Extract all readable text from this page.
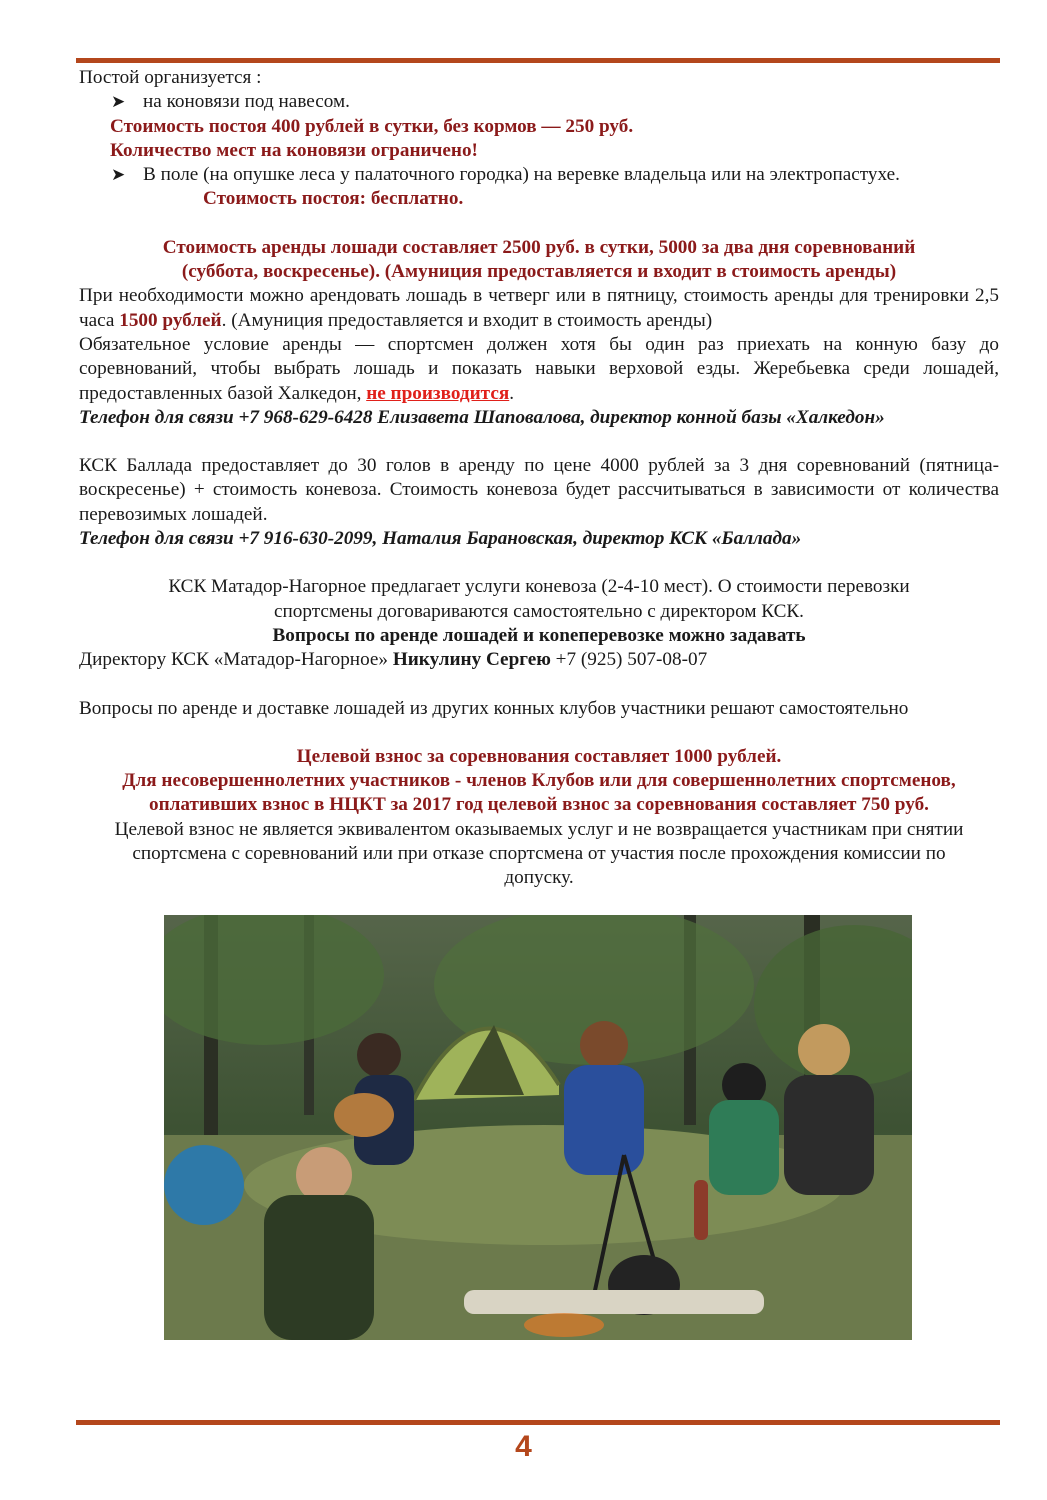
Постой организуется :

➤ на коновязи под навесом.

Стоимость постоя 400 рублей в сутки, без кормов — 250 руб.

Количество мест на коновязи ограничено!

➤ В поле (на опушке леса у палаточного городка) на веревке владельца или на электропастухе.

Стоимость постоя: бесплатно.

Стоимость аренды лошади составляет 2500 руб. в сутки, 5000 за два дня соревнований

(суббота, воскресенье). (Амуниция предоставляется и входит в стоимость аренды)

При необходимости можно арендовать лошадь в четверг или в пятницу, стоимость аренды для тренировки 2,5 часа 1500 рублей. (Амуниция предоставляется и входит в стоимость аренды)

Обязательное условие аренды — спортсмен должен хотя бы один раз приехать на конную базу до соревнований, чтобы выбрать лошадь и показать навыки верховой езды. Жеребьевка среди лошадей, предоставленных базой Халкедон, не производится.

Телефон для связи +7 968-629-6428 Елизавета Шаповалова, директор конной базы «Халкедон»

КСК Баллада предоставляет до 30 голов в аренду по цене 4000 рублей за 3 дня соревнований (пятница-воскресенье) + стоимость коневоза. Стоимость коневоза будет рассчитываться в зависимости от количества перевозимых лошадей.

Телефон для связи +7 916-630-2099, Наталия Барановская, директор КСК «Баллада»

КСК Матадор-Нагорное предлагает услуги коневоза (2-4-10 мест). О стоимости перевозки

спортсмены договариваются самостоятельно с директором КСК.

Вопросы по аренде лошадей и коneперевозке можно задавать

Директору КСК «Матадор-Нагорное» Никулину Сергею +7 (925) 507-08-07

Вопросы по аренде и доставке лошадей из других конных клубов участники решают самостоятельно

Целевой взнос за соревнования составляет 1000 рублей.

Для несовершеннолетних участников - членов Клубов или для совершеннолетних спортсменов, оплативших взнос в НЦКТ за 2017 год целевой взнос за соревнования составляет 750 руб.

Целевой взнос не является эквивалентом оказываемых услуг и не возвращается участникам при снятии спортсмена с соревнований или при отказе спортсмена от участия после прохождения комиссии по допуску.

4
